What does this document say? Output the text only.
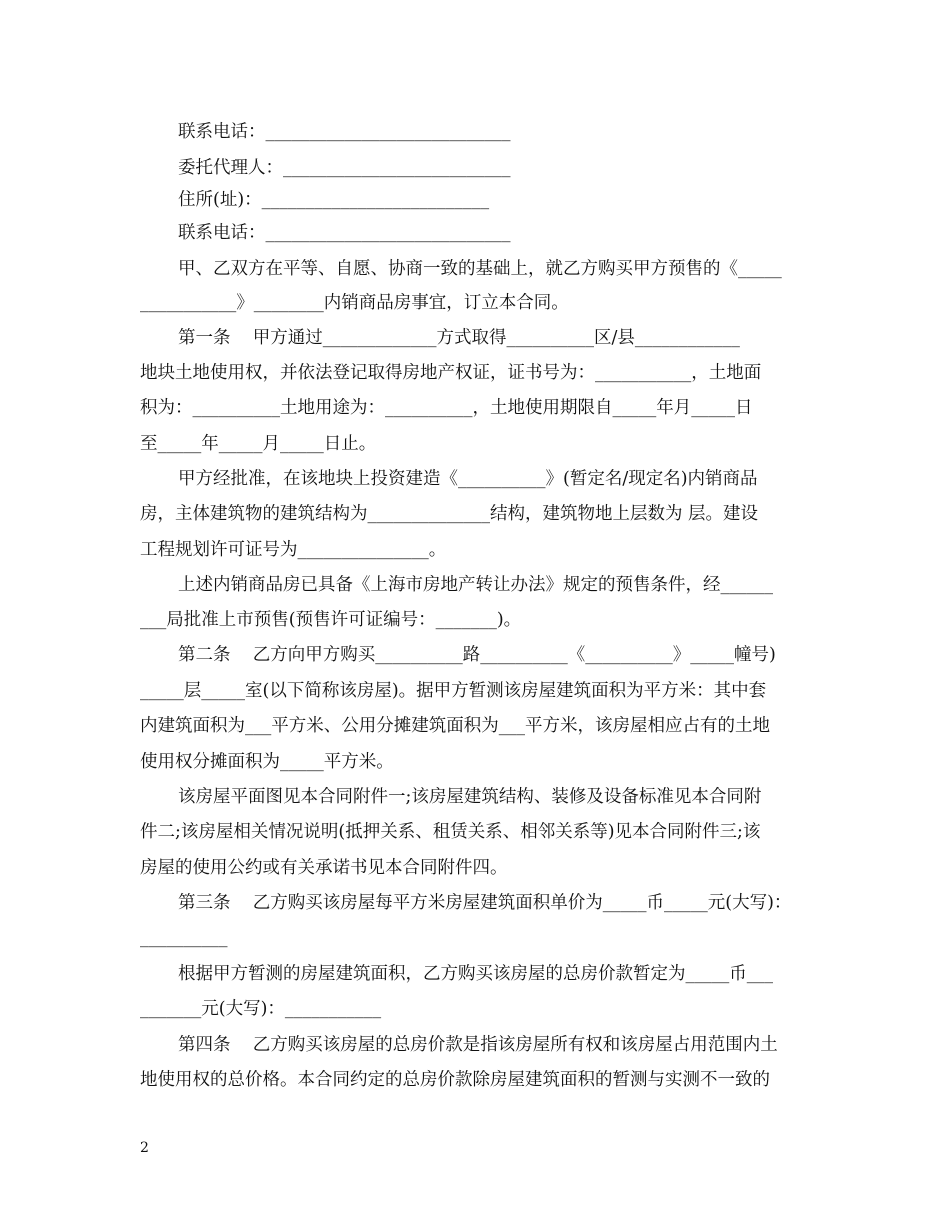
联系电话：____________________________
委托代理人：__________________________
住所(址)：__________________________
联系电话：____________________________
甲、乙双方在平等、自愿、协商一致的基础上，就乙方购买甲方预售的《_____
___________》________内销商品房事宜，订立本合同。
第一条    甲方通过_____________方式取得__________区/县____________
地块土地使用权，并依法登记取得房地产权证，证书号为：___________，土地面
积为：__________土地用途为：__________，土地使用期限自_____年月_____日
至_____年_____月_____日止。
甲方经批准，在该地块上投资建造《__________》(暂定名/现定名)内销商品
房，主体建筑物的建筑结构为______________结构，建筑物地上层数为 层。建设
工程规划许可证号为_______________。
上述内销商品房已具备《上海市房地产转让办法》规定的预售条件，经______
___局批准上市预售(预售许可证编号：_______)。
第二条    乙方向甲方购买__________路__________《__________》_____幢号)
_____层_____室(以下简称该房屋)。据甲方暂测该房屋建筑面积为平方米：其中套
内建筑面积为___平方米、公用分摊建筑面积为___平方米，该房屋相应占有的土地
使用权分摊面积为_____平方米。
该房屋平面图见本合同附件一;该房屋建筑结构、装修及设备标准见本合同附
件二;该房屋相关情况说明(抵押关系、租赁关系、相邻关系等)见本合同附件三;该
房屋的使用公约或有关承诺书见本合同附件四。
第三条    乙方购买该房屋每平方米房屋建筑面积单价为_____币_____元(大写)：
__________
根据甲方暂测的房屋建筑面积，乙方购买该房屋的总房价款暂定为_____币___
_______元(大写)：___________
第四条    乙方购买该房屋的总房价款是指该房屋所有权和该房屋占用范围内土
地使用权的总价格。本合同约定的总房价款除房屋建筑面积的暂测与实测不一致的
2
